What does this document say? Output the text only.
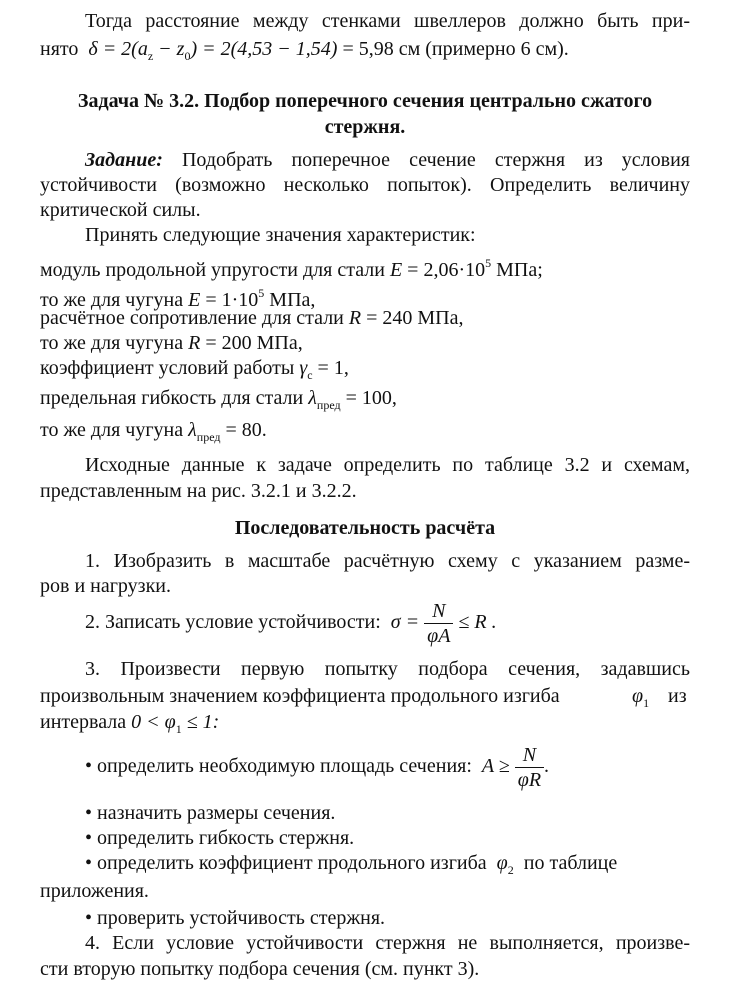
Тогда расстояние между стенками швеллеров должно быть при-
нято  $\delta = 2(a_z - z_0) = 2(4,53 - 1,54) = 5,98$ см (примерно 6 см).
Задача № 3.2. Подбор поперечного сечения центрально сжатого
стержня.
Задание: Подобрать поперечное сечение стержня из условия
устойчивости (возможно несколько попыток). Определить величину
критической силы.
Принять следующие значения характеристик:
модуль продольной упругости для стали $E = 2,06\cdot 10^5$ МПа;
то же для чугуна $E = 1\cdot 10^5$ МПа,
расчётное сопротивление для стали R = 240 МПа,
то же для чугуна R = 200 МПа,
коэффициент условий работы $\gamma_c = 1$,
предельная гибкость для стали $\lambda_{пред} = 100$,
то же для чугуна $\lambda_{пред} = 80$.
Исходные данные к задаче определить по таблице 3.2 и схемам,
представленным на рис. 3.2.1 и 3.2.2.
Последовательность расчёта
1. Изобразить в масштабе расчётную схему с указанием разме-
ров и нагрузки.
2. Записать условие устойчивости:  $\sigma = \frac{N}{\varphi A} \le R$ .
3. Произвести первую попытку подбора сечения, задавшись
произвольным значением коэффициента продольного изгиба	$\varphi_1$ из
интервала $0 < \varphi_1 \le 1$:
• определить необходимую площадь сечения:  $A \ge \frac{N}{\varphi R}$ .
• назначить размеры сечения.
• определить гибкость стержня.
• определить коэффициент продольного изгиба  $\varphi_2$ по таблице
приложения.
• проверить устойчивость стержня.
4. Если условие устойчивости стержня не выполняется, произве-
сти вторую попытку подбора сечения (см. пункт 3).
